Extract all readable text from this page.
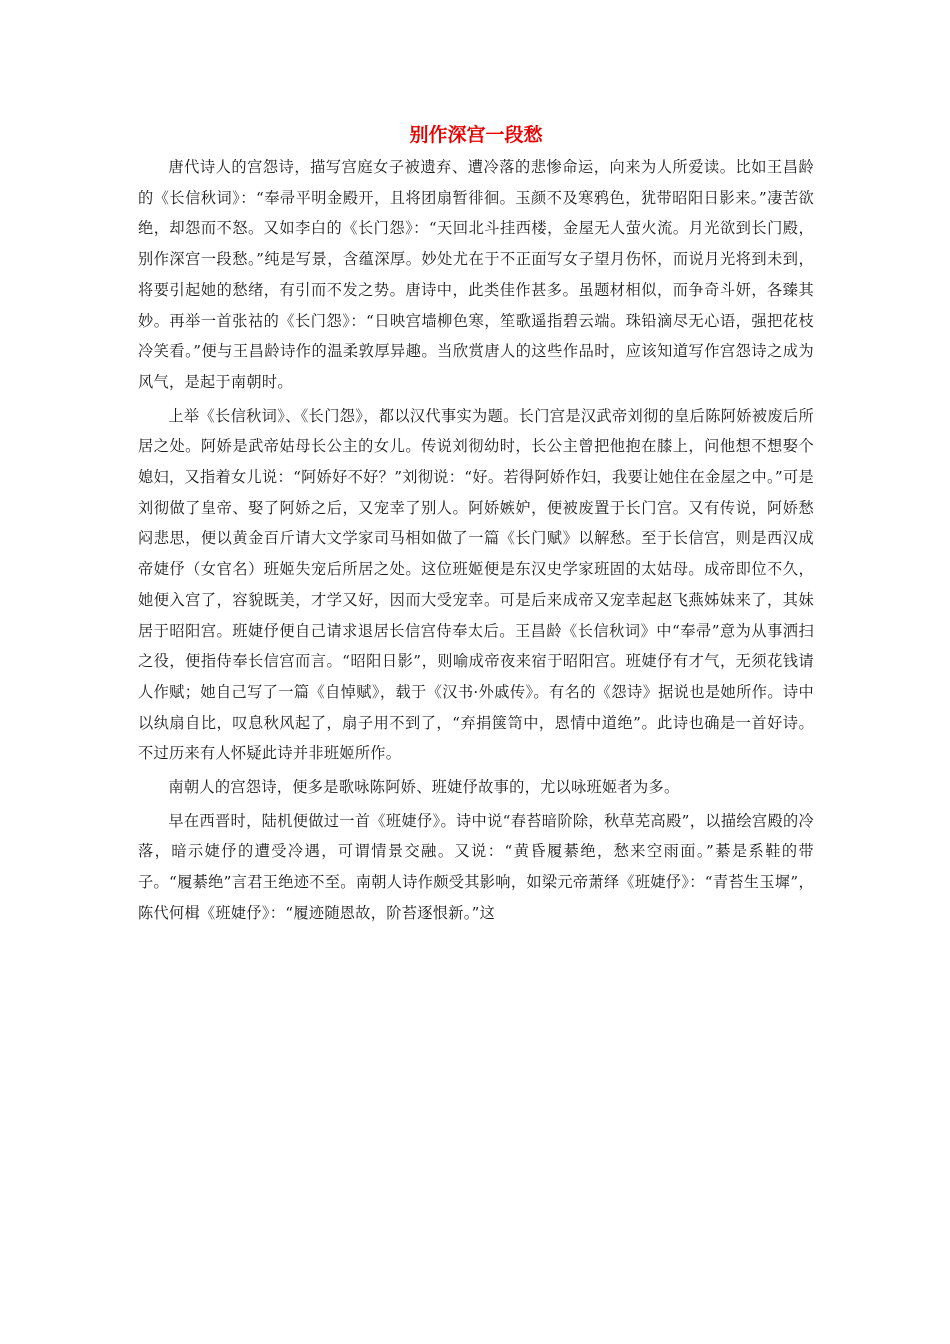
别作深宫一段愁

唐代诗人的宫怨诗，描写宫庭女子被遗弃、遭冷落的悲惨命运，向来为人所爱读。比如王昌龄的《长信秋词》：“奉帚平明金殿开，且将团扇暂徘徊。玉颜不及寒鸦色，犹带昭阳日影来。”凄苦欲绝，却怨而不怒。又如李白的《长门怨》：“天回北斗挂西楼，金屋无人萤火流。月光欲到长门殿，别作深宫一段愁。”纯是写景，含蕴深厚。妙处尤在于不正面写女子望月伤怀，而说月光将到未到，将要引起她的愁绪，有引而不发之势。唐诗中，此类佳作甚多。虽题材相似，而争奇斗妍，各臻其妙。再举一首张祜的《长门怨》：“日映宫墙柳色寒，笙歌遥指碧云端。珠铅滴尽无心语，强把花枝冷笑看。”便与王昌龄诗作的温柔敦厚异趣。当欣赏唐人的这些作品时，应该知道写作宫怨诗之成为风气，是起于南朝时。

上举《长信秋词》、《长门怨》，都以汉代事实为题。长门宫是汉武帝刘彻的皇后陈阿娇被废后所居之处。阿娇是武帝姑母长公主的女儿。传说刘彻幼时，长公主曾把他抱在膝上，问他想不想娶个媳妇，又指着女儿说：“阿娇好不好？”刘彻说：“好。若得阿娇作妇，我要让她住在金屋之中。”可是刘彻做了皇帝、娶了阿娇之后，又宠幸了别人。阿娇嫉妒，便被废置于长门宫。又有传说，阿娇愁闷悲思，便以黄金百斤请大文学家司马相如做了一篇《长门赋》以解愁。至于长信宫，则是西汉成帝婕伃（女官名）班姬失宠后所居之处。这位班姬便是东汉史学家班固的太姑母。成帝即位不久，她便入宫了，容貌既美，才学又好，因而大受宠幸。可是后来成帝又宠幸起赵飞燕姊妹来了，其妹居于昭阳宫。班婕伃便自己请求退居长信宫侍奉太后。王昌龄《长信秋词》中“奉帚”意为从事洒扫之役，便指侍奉长信宫而言。“昭阳日影”，则喻成帝夜来宿于昭阳宫。班婕伃有才气，无须花钱请人作赋；她自己写了一篇《自悼赋》，载于《汉书·外戚传》。有名的《怨诗》据说也是她所作。诗中以纨扇自比，叹息秋风起了，扇子用不到了，“弃捐箧笥中，恩情中道绝”。此诗也确是一首好诗。不过历来有人怀疑此诗并非班姬所作。

南朝人的宫怨诗，便多是歌咏陈阿娇、班婕伃故事的，尤以咏班姬者为多。

早在西晋时，陆机便做过一首《班婕伃》。诗中说“春苔暗阶除，秋草芜高殿”，以描绘宫殿的冷落，暗示婕伃的遭受冷遇，可谓情景交融。又说：“黄昏履綦绝，愁来空雨面。”綦是系鞋的带子。“履綦绝”言君王绝迹不至。南朝人诗作颇受其影响，如梁元帝萧绎《班婕伃》：“青苔生玉墀”，陈代何楫《班婕伃》：“履迹随恩故，阶苔逐恨新。”这
